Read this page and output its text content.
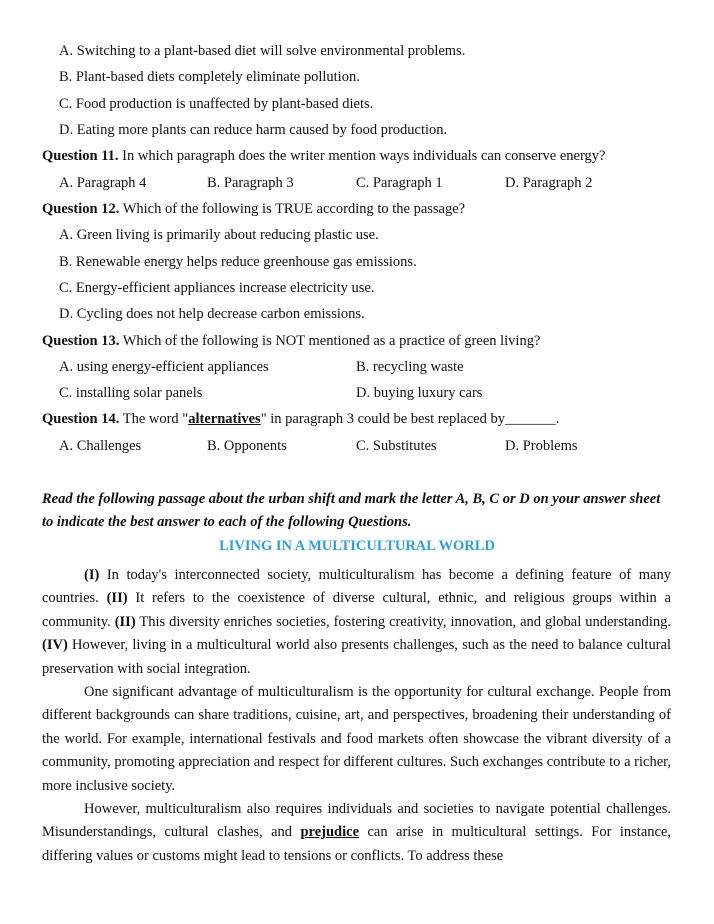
A. Switching to a plant-based diet will solve environmental problems.
B. Plant-based diets completely eliminate pollution.
C. Food production is unaffected by plant-based diets.
D. Eating more plants can reduce harm caused by food production.
Question 11. In which paragraph does the writer mention ways individuals can conserve energy?
A. Paragraph 4	B. Paragraph 3	C. Paragraph 1	D. Paragraph 2
Question 12. Which of the following is TRUE according to the passage?
A. Green living is primarily about reducing plastic use.
B. Renewable energy helps reduce greenhouse gas emissions.
C. Energy-efficient appliances increase electricity use.
D. Cycling does not help decrease carbon emissions.
Question 13. Which of the following is NOT mentioned as a practice of green living?
A. using energy-efficient appliances	B. recycling waste
C. installing solar panels	D. buying luxury cars
Question 14. The word "alternatives" in paragraph 3 could be best replaced by_______.
A. Challenges	B. Opponents	C. Substitutes	D. Problems
Read the following passage about the urban shift and mark the letter A, B, C or D on your answer sheet to indicate the best answer to each of the following Questions.
LIVING IN A MULTICULTURAL WORLD

(I) In today's interconnected society, multiculturalism has become a defining feature of many countries. (II) It refers to the coexistence of diverse cultural, ethnic, and religious groups within a community. (II) This diversity enriches societies, fostering creativity, innovation, and global understanding. (IV) However, living in a multicultural world also presents challenges, such as the need to balance cultural preservation with social integration.

One significant advantage of multiculturalism is the opportunity for cultural exchange. People from different backgrounds can share traditions, cuisine, art, and perspectives, broadening their understanding of the world. For example, international festivals and food markets often showcase the vibrant diversity of a community, promoting appreciation and respect for different cultures. Such exchanges contribute to a richer, more inclusive society.

However, multiculturalism also requires individuals and societies to navigate potential challenges. Misunderstandings, cultural clashes, and prejudice can arise in multicultural settings. For instance, differing values or customs might lead to tensions or conflicts. To address these
